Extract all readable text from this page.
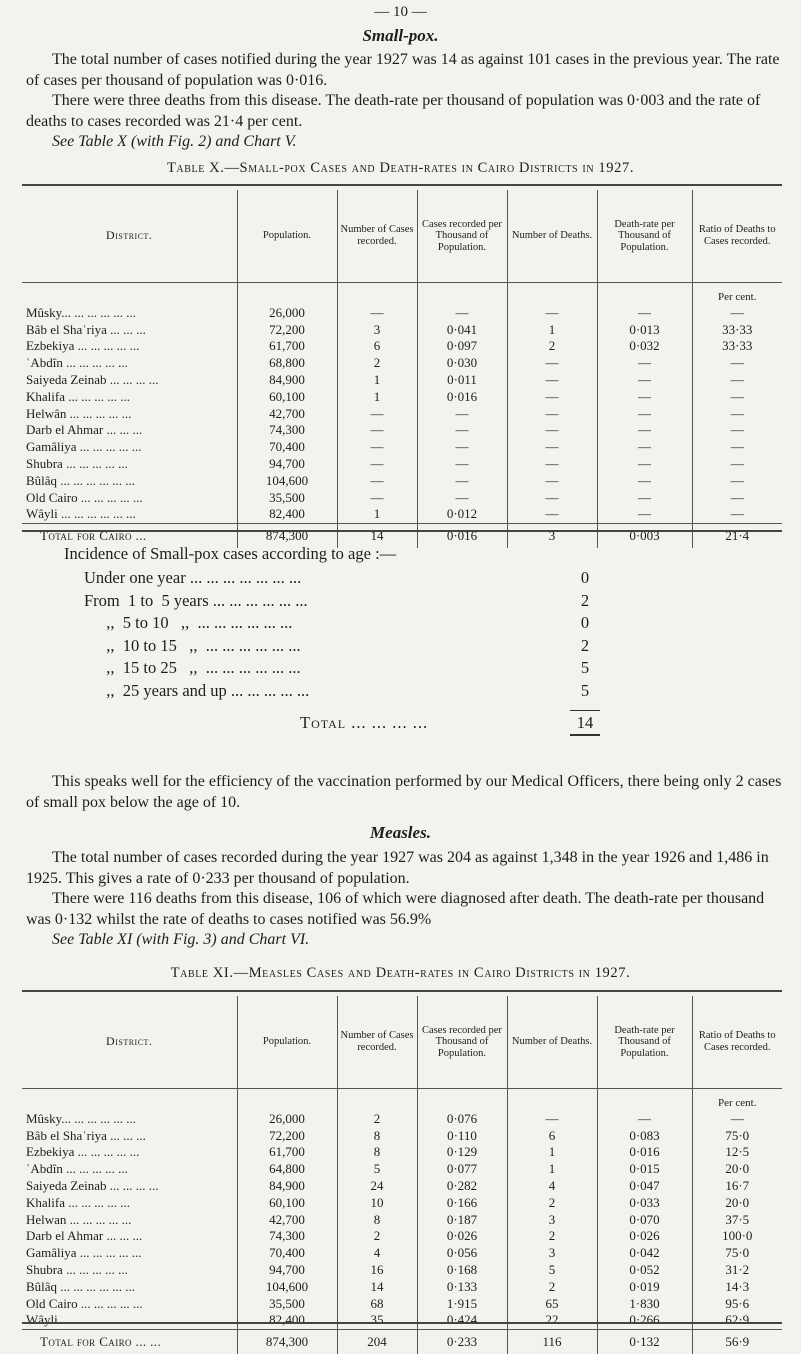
— 10 —
Small-pox.

The total number of cases notified during the year 1927 was 14 as against 101 cases in the previous year. The rate of cases per thousand of population was 0·016.

There were three deaths from this disease. The death-rate per thousand of population was 0·003 and the rate of deaths to cases recorded was 21·4 per cent.

See Table X (with Fig. 2) and Chart V.

Table X.—Small-pox Cases and Death-rates in Cairo Districts in 1927.
District.	Population.	Number of Cases recorded.	Cases recorded per Thousand of Population.	Number of Deaths.	Death-rate per Thousand of Population.	Ratio of Deaths to Cases recorded.
						Per cent.
Mûsky... ... ... ... ... ...	26,000	—	—	—	—	—
Bâb el Shaʿriya ... ... ...	72,200	3	0·041	1	0·013	33·33
Ezbekiya ... ... ... ... ...	61,700	6	0·097	2	0·032	33·33
ʿAbdîn ... ... ... ... ...	68,800	2	0·030	—	—	—
Saiyeda Zeinab ... ... ... ...	84,900	1	0·011	—	—	—
Khalifa ... ... ... ... ...	60,100	1	0·016	—	—	—
Helwân ... ... ... ... ...	42,700	—	—	—	—	—
Darb el Ahmar ... ... ...	74,300	—	—	—	—	—
Gamâliya ... ... ... ... ...	70,400	—	—	—	—	—
Shubra ... ... ... ... ...	94,700	—	—	—	—	—
Bûlâq ... ... ... ... ... ...	104,600	—	—	—	—	—
Old Cairo ... ... ... ... ...	35,500	—	—	—	—	—
Wâyli ... ... ... ... ... ...	82,400	1	0·012	—	—	—
Total for Cairo ...	874,300	14	0·016	3	0·003	21·4
Incidence of Small-pox cases according to age :—
Under one year ... ... ... ... ... ... ...	0
From  1 to  5 years ... ... ... ... ... ...	2
,,  5 to 10   ,,  ... ... ... ... ... ...	0
,,  10 to 15   ,,  ... ... ... ... ... ...	2
,,  15 to 25   ,,  ... ... ... ... ... ...	5
,,  25 years and up ... ... ... ... ...	5
Total ... ... ... ...	14

This speaks well for the efficiency of the vaccination performed by our Medical Officers, there being only 2 cases of small pox below the age of 10.

Measles.

The total number of cases recorded during the year 1927 was 204 as against 1,348 in the year 1926 and 1,486 in 1925. This gives a rate of 0·233 per thousand of population.

There were 116 deaths from this disease, 106 of which were diagnosed after death. The death-rate per thousand was 0·132 whilst the rate of deaths to cases notified was 56.9%

See Table XI (with Fig. 3) and Chart VI.

Table XI.—Measles Cases and Death-rates in Cairo Districts in 1927.
District.	Population.	Number of Cases recorded.	Cases recorded per Thousand of Population.	Number of Deaths.	Death-rate per Thousand of Population.	Ratio of Deaths to Cases recorded.
						Per cent.
Mûsky... ... ... ... ... ...	26,000	2	0·076	—	—	—
Bâb el Shaʿriya ... ... ...	72,200	8	0·110	6	0·083	75·0
Ezbekiya ... ... ... ... ...	61,700	8	0·129	1	0·016	12·5
ʿAbdîn ... ... ... ... ...	64,800	5	0·077	1	0·015	20·0
Saiyeda Zeinab ... ... ... ...	84,900	24	0·282	4	0·047	16·7
Khalifa ... ... ... ... ...	60,100	10	0·166	2	0·033	20·0
Helwan ... ... ... ... ...	42,700	8	0·187	3	0·070	37·5
Darb el Ahmar ... ... ...	74,300	2	0·026	2	0·026	100·0
Gamâliya ... ... ... ... ...	70,400	4	0·056	3	0·042	75·0
Shubra ... ... ... ... ...	94,700	16	0·168	5	0·052	31·2
Bûlâq ... ... ... ... ... ...	104,600	14	0·133	2	0·019	14·3
Old Cairo ... ... ... ... ...	35,500	68	1·915	65	1·830	95·6
Wâyli ... ... ... ... ... ...	82,400	35	0·424	22	0·266	62·9
Total for Cairo ... ...	874,300	204	0·233	116	0·132	56·9
